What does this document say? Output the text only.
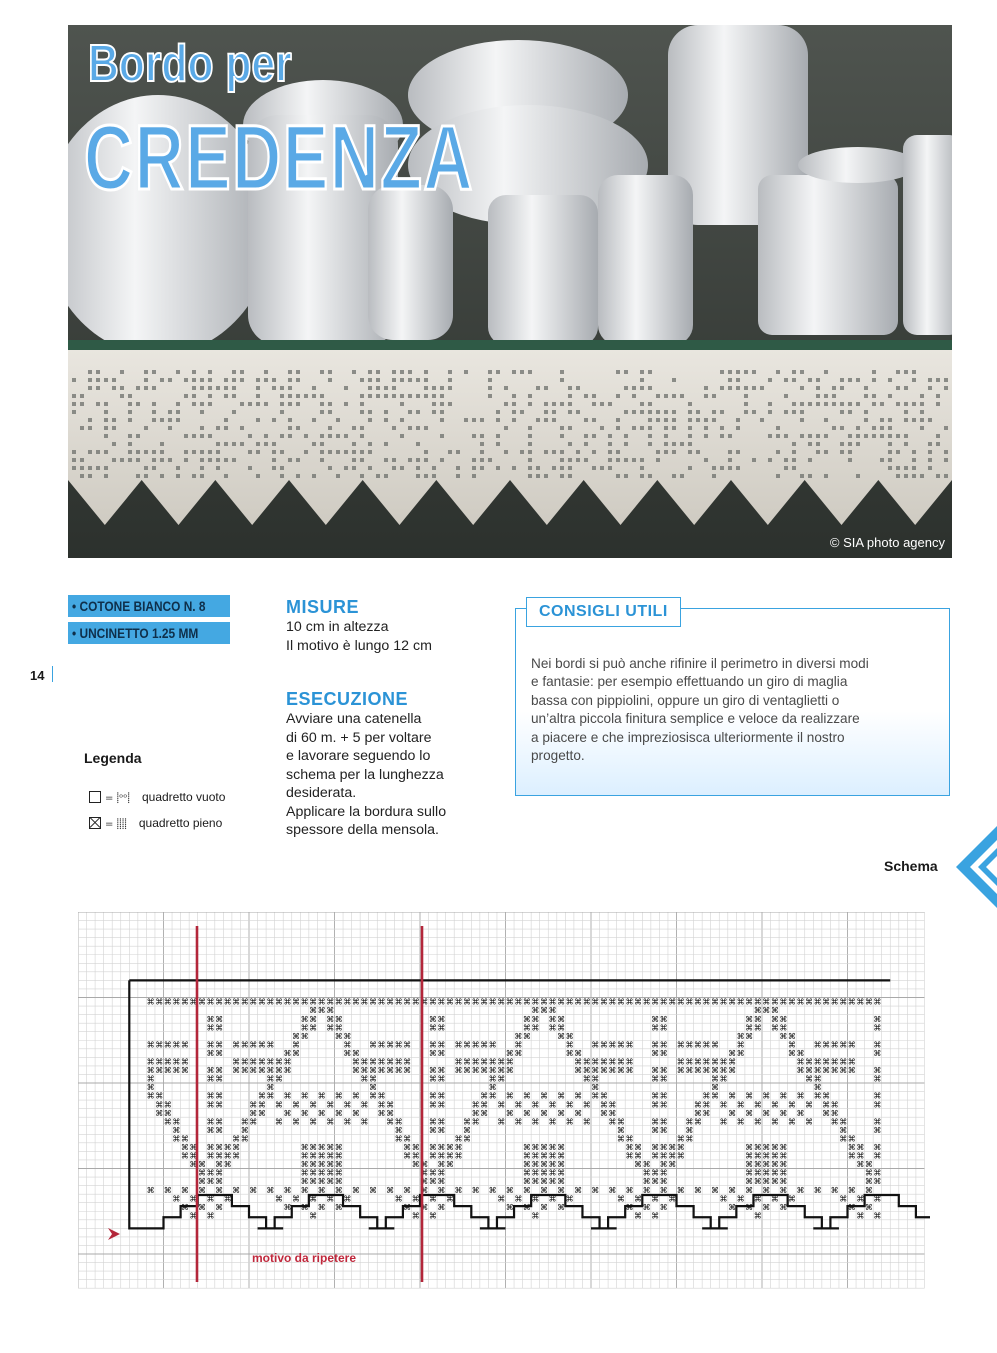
Bordo per
CREDENZA
© SIA photo agency
• COTONE BIANCO N. 8
• UNCINETTO 1.25 MM
14
Legenda
= ⸽ᵒᵒ⸽ quadretto vuoto
= ⸽⸽⸽⸽ quadretto pieno
MISURE
10 cm in altezza
Il motivo è lungo 12 cm
ESECUZIONE
Avviare una catenella
di 60 m. + 5 per voltare
e lavorare seguendo lo
schema per la lunghezza
desiderata.
Applicare la bordura sullo
spessore della mensola.
CONSIGLI UTILI
Nei bordi si può anche rifinire il perimetro in diversi modi
e fantasie: per esempio effettuando un giro di maglia
bassa con pippiolini, oppure un giro di ventaglietti o
un’altra piccola finitura semplice e veloce da realizzare
a piacere e che impreziosisca ulteriormente il nostro
progetto.
Schema
⌘ ⌘ ⌘ ⌘ ⌘ ⌘ ⌘ ⌘ ⌘ ⌘ ⌘ ⌘ ⌘ ⌘ ⌘ ⌘ ⌘ ⌘ ⌘ ⌘ ⌘ ⌘ ⌘ ⌘ ⌘ ⌘ ⌘ ⌘ ⌘ ⌘ ⌘ ⌘ ⌘ ⌘ ⌘ ⌘ ⌘ ⌘ ⌘ ⌘ ⌘ ⌘ ⌘ ⌘ ⌘ ⌘ ⌘ ⌘ ⌘ ⌘ ⌘ ⌘ ⌘ ⌘ ⌘ ⌘ ⌘ ⌘ ⌘ ⌘ ⌘ ⌘ ⌘ ⌘ ⌘ ⌘ ⌘ ⌘ ⌘ ⌘ ⌘ ⌘ ⌘ ⌘ ⌘ ⌘ ⌘ ⌘ ⌘ ⌘ ⌘ ⌘ ⌘ ⌘ ⌘ ⌘
⌘ ⌘ ⌘	⌘ ⌘ ⌘	⌘ ⌘ ⌘
⌘ ⌘	⌘ ⌘ ⌘ ⌘	⌘ ⌘	⌘ ⌘ ⌘ ⌘	⌘ ⌘	⌘ ⌘ ⌘ ⌘	⌘
⌘ ⌘	⌘ ⌘ ⌘ ⌘	⌘ ⌘	⌘ ⌘ ⌘ ⌘	⌘ ⌘	⌘ ⌘ ⌘ ⌘	⌘
⌘ ⌘	⌘ ⌘	⌘ ⌘	⌘ ⌘	⌘ ⌘	⌘ ⌘
⌘ ⌘ ⌘ ⌘ ⌘ ⌘ ⌘ ⌘ ⌘ ⌘ ⌘ ⌘ ⌘	⌘ ⌘ ⌘ ⌘ ⌘ ⌘ ⌘ ⌘ ⌘ ⌘ ⌘ ⌘ ⌘ ⌘	⌘ ⌘ ⌘ ⌘ ⌘ ⌘ ⌘ ⌘ ⌘ ⌘ ⌘ ⌘ ⌘ ⌘	⌘ ⌘ ⌘ ⌘ ⌘ ⌘ ⌘
⌘ ⌘	⌘ ⌘	⌘ ⌘	⌘ ⌘	⌘ ⌘	⌘ ⌘	⌘ ⌘	⌘ ⌘	⌘ ⌘	⌘
⌘ ⌘ ⌘ ⌘ ⌘	⌘ ⌘ ⌘ ⌘ ⌘ ⌘ ⌘	⌘ ⌘ ⌘ ⌘ ⌘ ⌘ ⌘	⌘ ⌘ ⌘ ⌘ ⌘ ⌘ ⌘	⌘ ⌘ ⌘ ⌘ ⌘ ⌘ ⌘	⌘ ⌘ ⌘ ⌘ ⌘ ⌘ ⌘	⌘ ⌘ ⌘ ⌘ ⌘ ⌘ ⌘
⌘ ⌘ ⌘ ⌘ ⌘ ⌘ ⌘ ⌘ ⌘ ⌘ ⌘ ⌘ ⌘ ⌘	⌘ ⌘ ⌘ ⌘ ⌘ ⌘ ⌘ ⌘ ⌘ ⌘ ⌘ ⌘ ⌘ ⌘ ⌘ ⌘	⌘ ⌘ ⌘ ⌘ ⌘ ⌘ ⌘ ⌘ ⌘ ⌘ ⌘ ⌘ ⌘ ⌘ ⌘ ⌘	⌘ ⌘ ⌘ ⌘ ⌘ ⌘ ⌘ ⌘
⌘	⌘ ⌘	⌘ ⌘	⌘ ⌘	⌘ ⌘	⌘ ⌘	⌘ ⌘	⌘ ⌘	⌘ ⌘	⌘ ⌘	⌘
⌘	⌘	⌘	⌘	⌘	⌘	⌘
⌘ ⌘	⌘ ⌘	⌘ ⌘ ⌘ ⌘ ⌘ ⌘ ⌘ ⌘ ⌘	⌘ ⌘	⌘ ⌘ ⌘ ⌘ ⌘ ⌘ ⌘ ⌘ ⌘	⌘ ⌘	⌘ ⌘ ⌘ ⌘ ⌘ ⌘ ⌘ ⌘ ⌘	⌘
⌘ ⌘	⌘ ⌘	⌘ ⌘ ⌘ ⌘ ⌘ ⌘ ⌘ ⌘ ⌘ ⌘	⌘ ⌘	⌘ ⌘ ⌘ ⌘ ⌘ ⌘ ⌘ ⌘ ⌘ ⌘	⌘ ⌘	⌘ ⌘ ⌘ ⌘ ⌘ ⌘ ⌘ ⌘ ⌘ ⌘	⌘
⌘ ⌘	⌘ ⌘ ⌘ ⌘ ⌘ ⌘ ⌘ ⌘ ⌘	⌘ ⌘ ⌘ ⌘ ⌘ ⌘ ⌘ ⌘ ⌘	⌘ ⌘ ⌘ ⌘ ⌘ ⌘ ⌘ ⌘ ⌘
⌘ ⌘	⌘ ⌘ ⌘ ⌘ ⌘ ⌘ ⌘ ⌘ ⌘ ⌘ ⌘ ⌘	⌘ ⌘ ⌘ ⌘ ⌘ ⌘ ⌘ ⌘ ⌘ ⌘ ⌘ ⌘	⌘ ⌘ ⌘ ⌘ ⌘ ⌘ ⌘ ⌘ ⌘ ⌘ ⌘ ⌘	⌘
⌘	⌘ ⌘ ⌘	⌘	⌘ ⌘ ⌘	⌘	⌘ ⌘ ⌘	⌘	⌘
⌘ ⌘	⌘ ⌘	⌘ ⌘	⌘ ⌘	⌘ ⌘	⌘ ⌘	⌘ ⌘
⌘ ⌘ ⌘ ⌘ ⌘ ⌘	⌘ ⌘ ⌘ ⌘ ⌘	⌘ ⌘ ⌘ ⌘ ⌘ ⌘	⌘ ⌘ ⌘ ⌘ ⌘	⌘ ⌘ ⌘ ⌘ ⌘ ⌘	⌘ ⌘ ⌘ ⌘ ⌘	⌘ ⌘ ⌘
⌘ ⌘ ⌘ ⌘ ⌘ ⌘	⌘ ⌘ ⌘ ⌘ ⌘	⌘ ⌘ ⌘ ⌘ ⌘ ⌘	⌘ ⌘ ⌘ ⌘ ⌘	⌘ ⌘ ⌘ ⌘ ⌘ ⌘	⌘ ⌘ ⌘ ⌘ ⌘	⌘ ⌘ ⌘
⌘ ⌘ ⌘ ⌘	⌘ ⌘ ⌘ ⌘ ⌘	⌘ ⌘ ⌘ ⌘	⌘ ⌘ ⌘ ⌘ ⌘	⌘ ⌘ ⌘ ⌘	⌘ ⌘ ⌘ ⌘ ⌘	⌘ ⌘
⌘ ⌘ ⌘	⌘ ⌘ ⌘ ⌘ ⌘	⌘ ⌘ ⌘	⌘ ⌘ ⌘ ⌘ ⌘	⌘ ⌘ ⌘	⌘ ⌘ ⌘ ⌘ ⌘	⌘ ⌘
⌘ ⌘ ⌘	⌘ ⌘ ⌘ ⌘ ⌘	⌘ ⌘ ⌘	⌘ ⌘ ⌘ ⌘ ⌘	⌘ ⌘ ⌘	⌘ ⌘ ⌘ ⌘ ⌘	⌘ ⌘
⌘ ⌘ ⌘ ⌘ ⌘ ⌘ ⌘ ⌘ ⌘ ⌘ ⌘ ⌘ ⌘ ⌘ ⌘ ⌘ ⌘ ⌘ ⌘ ⌘ ⌘ ⌘ ⌘ ⌘ ⌘ ⌘ ⌘ ⌘ ⌘ ⌘ ⌘ ⌘ ⌘ ⌘ ⌘ ⌘ ⌘ ⌘ ⌘ ⌘ ⌘ ⌘ ⌘
⌘ ⌘ ⌘ ⌘	⌘ ⌘ ⌘ ⌘ ⌘	⌘ ⌘ ⌘ ⌘	⌘ ⌘ ⌘ ⌘ ⌘	⌘ ⌘ ⌘ ⌘	⌘ ⌘ ⌘ ⌘ ⌘	⌘ ⌘ ⌘
⌘ ⌘ ⌘	⌘ ⌘ ⌘ ⌘	⌘ ⌘ ⌘	⌘ ⌘ ⌘ ⌘	⌘ ⌘ ⌘	⌘ ⌘ ⌘ ⌘	⌘ ⌘
⌘ ⌘	⌘	⌘ ⌘	⌘	⌘ ⌘	⌘	⌘ ⌘
motivo da ripetere
